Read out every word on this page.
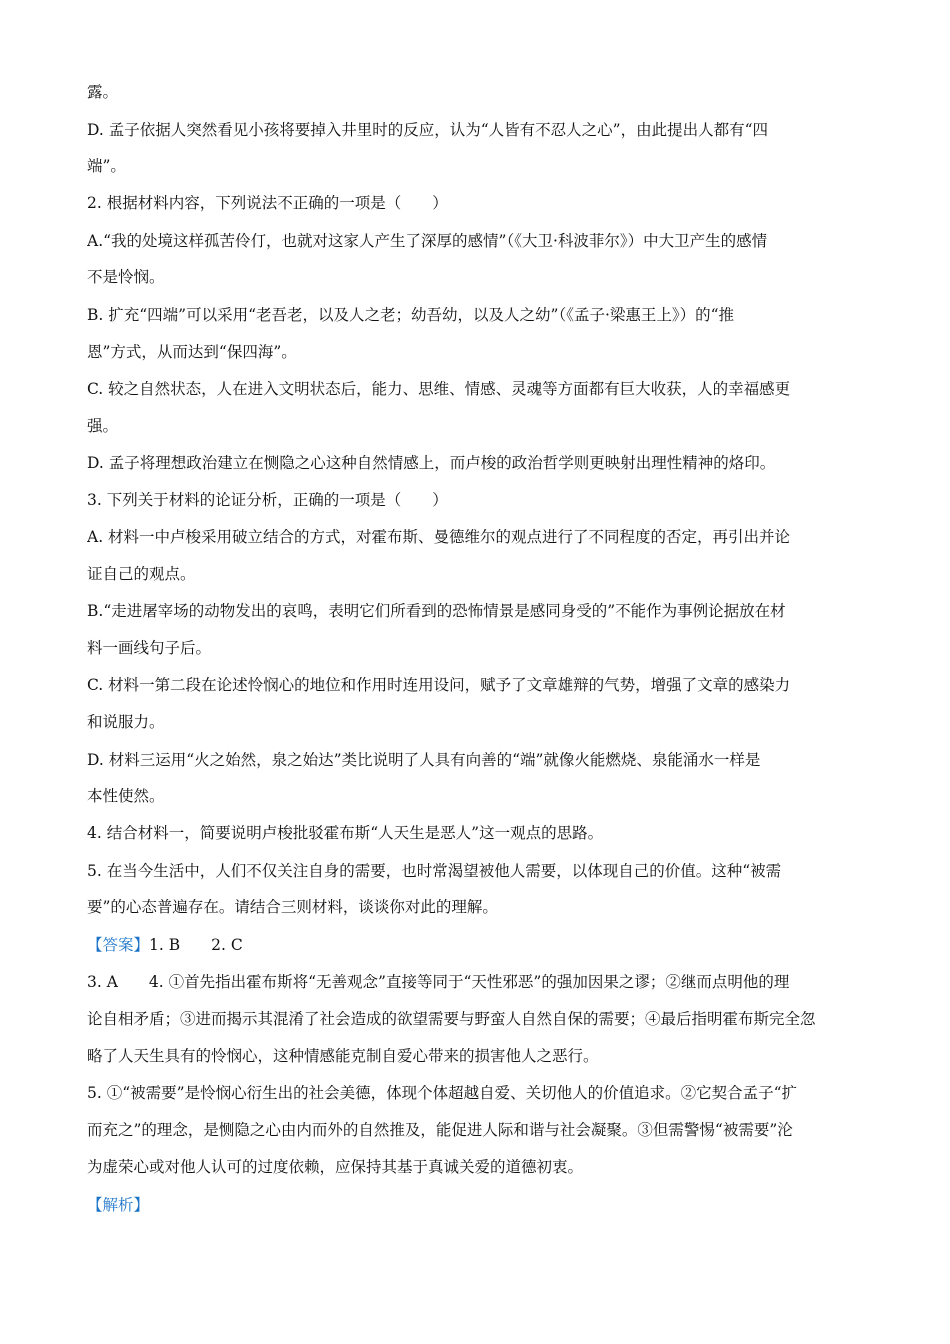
露。
D. 孟子依据人突然看见小孩将要掉入井里时的反应，认为“人皆有不忍人之心”，由此提出人都有“四
端”。
2. 根据材料内容，下列说法不正确的一项是（　　）
A.“我的处境这样孤苦伶仃，也就对这家人产生了深厚的感情”（《大卫·科波菲尔》）中大卫产生的感情
不是怜悯。
B. 扩充“四端”可以采用“老吾老，以及人之老；幼吾幼，以及人之幼”（《孟子·梁惠王上》）的“推
恩”方式，从而达到“保四海”。
C. 较之自然状态，人在进入文明状态后，能力、思维、情感、灵魂等方面都有巨大收获，人的幸福感更
强。
D. 孟子将理想政治建立在恻隐之心这种自然情感上，而卢梭的政治哲学则更映射出理性精神的烙印。
3. 下列关于材料的论证分析，正确的一项是（　　）
A. 材料一中卢梭采用破立结合的方式，对霍布斯、曼德维尔的观点进行了不同程度的否定，再引出并论
证自己的观点。
B.“走进屠宰场的动物发出的哀鸣，表明它们所看到的恐怖情景是感同身受的”不能作为事例论据放在材
料一画线句子后。
C. 材料一第二段在论述怜悯心的地位和作用时连用设问，赋予了文章雄辩的气势，增强了文章的感染力
和说服力。
D. 材料三运用“火之始然，泉之始达”类比说明了人具有向善的“端”就像火能燃烧、泉能涌水一样是
本性使然。
4. 结合材料一，简要说明卢梭批驳霍布斯“人天生是恶人”这一观点的思路。
5. 在当今生活中，人们不仅关注自身的需要，也时常渴望被他人需要，以体现自己的价值。这种“被需
要”的心态普遍存在。请结合三则材料，谈谈你对此的理解。
【答案】1. B　　2. C
3. A　　4. ①首先指出霍布斯将“无善观念”直接等同于“天性邪恶”的强加因果之谬；②继而点明他的理
论自相矛盾；③进而揭示其混淆了社会造成的欲望需要与野蛮人自然自保的需要；④最后指明霍布斯完全忽
略了人天生具有的怜悯心，这种情感能克制自爱心带来的损害他人之恶行。
5. ①“被需要”是怜悯心衍生出的社会美德，体现个体超越自爱、关切他人的价值追求。②它契合孟子“扩
而充之”的理念，是恻隐之心由内而外的自然推及，能促进人际和谐与社会凝聚。③但需警惕“被需要”沦
为虚荣心或对他人认可的过度依赖，应保持其基于真诚关爱的道德初衷。
【解析】
